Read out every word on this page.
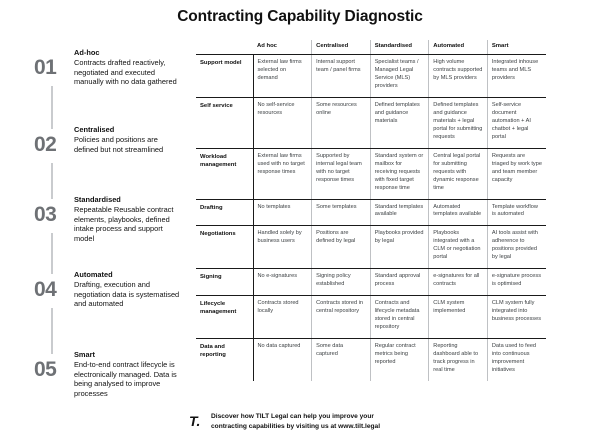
Contracting Capability Diagnostic
01
Ad-hoc
Contracts drafted reactively, negotiated and executed manually with no data gathered
02
Centralised
Policies and positions are defined but not streamlined
03
Standardised
Repeatable Reusable contract elements, playbooks, defined intake process and support model
04
Automated
Drafting, execution and negotiation data is systematised and automated
05
Smart
End-to-end contract lifecycle is electronically managed. Data is being analysed to improve processes
	Ad hoc	Centralised	Standardised	Automated	Smart
Support model	External law firms selected on demand	Internal support team / panel firms	Specialist teams / Managed Legal Service (MLS) providers	High volume contracts supported by MLS providers	Integrated inhouse teams and MLS providers
Self service	No self-service resources	Some resources online	Defined templates and guidance materials	Defined templates and guidance materials + legal portal for submitting requests	Self-service document automation + AI chatbot + legal portal
Workload management	External law firms used with no target response times	Supported by internal legal team with no target response times	Standard system or mailbox for receiving requests with fixed target response time	Central legal portal for submitting requests with dynamic response time	Requests are triaged by work type and team member capacity
Drafting	No templates	Some templates	Standard templates available	Automated templates available	Template workflow is automated
Negotiations	Handled solely by business users	Positions are defined by legal	Playbooks provided by legal	Playbooks integrated with a CLM or negotiation portal	AI tools assist with adherence to positions provided by legal
Signing	No e-signatures	Signing policy established	Standard approval process	e-signatures for all contracts	e-signature process is optimised
Lifecycle management	Contracts stored locally	Contracts stored in central repository	Contracts and lifecycle metadata stored in central repository	CLM system implemented	CLM system fully integrated into business processes
Data and reporting	No data captured	Some data captured	Regular contract metrics being reported	Reporting dashboard able to track progress in real time	Data used to feed into continuous improvement initiatives
T.	Discover how TILT Legal can help you improve your
contracting capabilities by visiting us at www.tilt.legal
